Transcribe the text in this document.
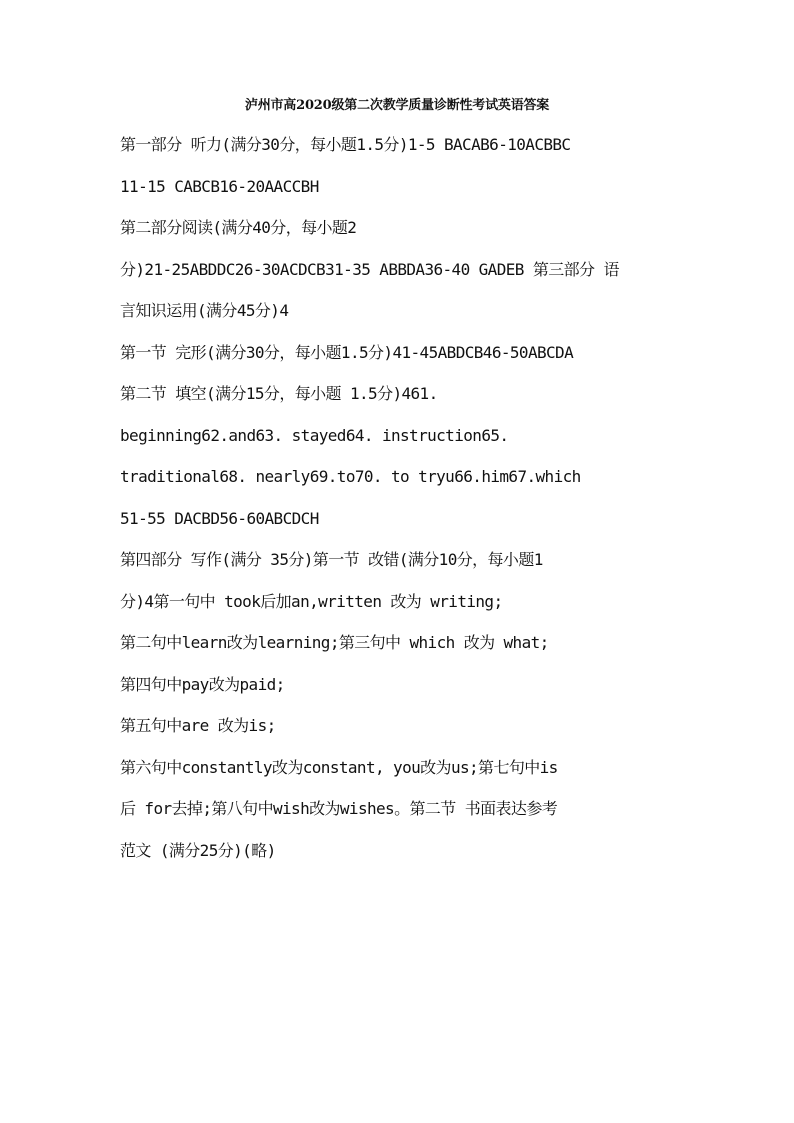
泸州市高2020级第二次教学质量诊断性考试英语答案
第一部分 听力(满分30分，每小题1.5分)1-5 BACAB6-10ACBBC
11-15 CABCB16-20AACCBH
第二部分阅读(满分40分，每小题2
分)21-25ABDDC26-30ACDCB31-35 ABBDA36-40 GADEB 第三部分 语
言知识运用(满分45分)4
第一节 完形(满分30分，每小题1.5分)41-45ABDCB46-50ABCDA
第二节 填空(满分15分，每小题 1.5分)461.
beginning62.and63. stayed64. instruction65.
traditional68. nearly69.to70. to tryu66.him67.which
51-55 DACBD56-60ABCDCH
第四部分 写作(满分 35分)第一节 改错(满分10分，每小题1
分)4第一句中 took后加an,written 改为 writing;
第二句中learn改为learning;第三句中 which 改为 what;
第四句中pay改为paid;
第五句中are 改为is;
第六句中constantly改为constant, you改为us;第七句中is
后 for去掉;第八句中wish改为wishes。第二节 书面表达参考
范文 (满分25分)(略)
